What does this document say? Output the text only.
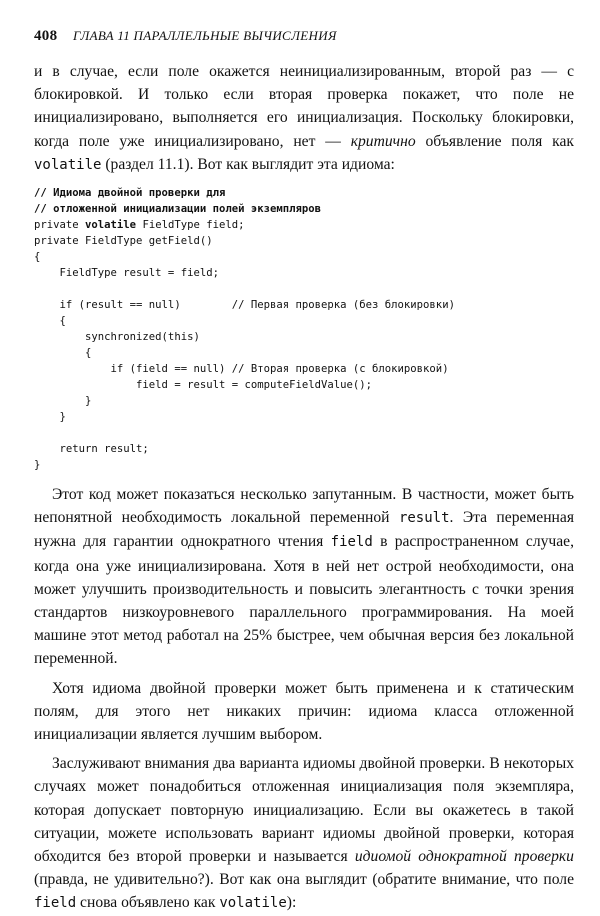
408 ГЛАВА 11 ПАРАЛЛЕЛЬНЫЕ ВЫЧИСЛЕНИЯ

и в случае, если поле окажется неинициализированным, второй раз — с блокировкой. И только если вторая проверка покажет, что поле не инициализировано, выполняется его инициализация. Поскольку блокировки, когда поле уже инициализировано, нет — критично объявление поля как volatile (раздел 11.1). Вот как выглядит эта идиома:

// Идиома двойной проверки для
// отложенной инициализации полей экземпляров
private volatile FieldType field;
private FieldType getField()
{
FieldType result = field;

if (result == null)        // Первая проверка (без блокировки)
{
synchronized(this)
{
if (field == null) // Вторая проверка (с блокировкой)
field = result = computeFieldValue();
}
}

return result;
}

Этот код может показаться несколько запутанным. В частности, может быть непонятной необходимость локальной переменной result. Эта переменная нужна для гарантии однократного чтения field в распространенном случае, когда она уже инициализирована. Хотя в ней нет острой необходимости, она может улучшить производительность и повысить элегантность с точки зрения стандартов низкоуровневого параллельного программирования. На моей машине этот метод работал на 25% быстрее, чем обычная версия без локальной переменной.

Хотя идиома двойной проверки может быть применена и к статическим полям, для этого нет никаких причин: идиома класса отложенной инициализации является лучшим выбором.

Заслуживают внимания два варианта идиомы двойной проверки. В некоторых случаях может понадобиться отложенная инициализация поля экземпляра, которая допускает повторную инициализацию. Если вы окажетесь в такой ситуации, можете использовать вариант идиомы двойной проверки, которая обходится без второй проверки и называется идиомой однократной проверки (правда, не удивительно?). Вот как она выглядит (обратите внимание, что поле field снова объявлено как volatile):
